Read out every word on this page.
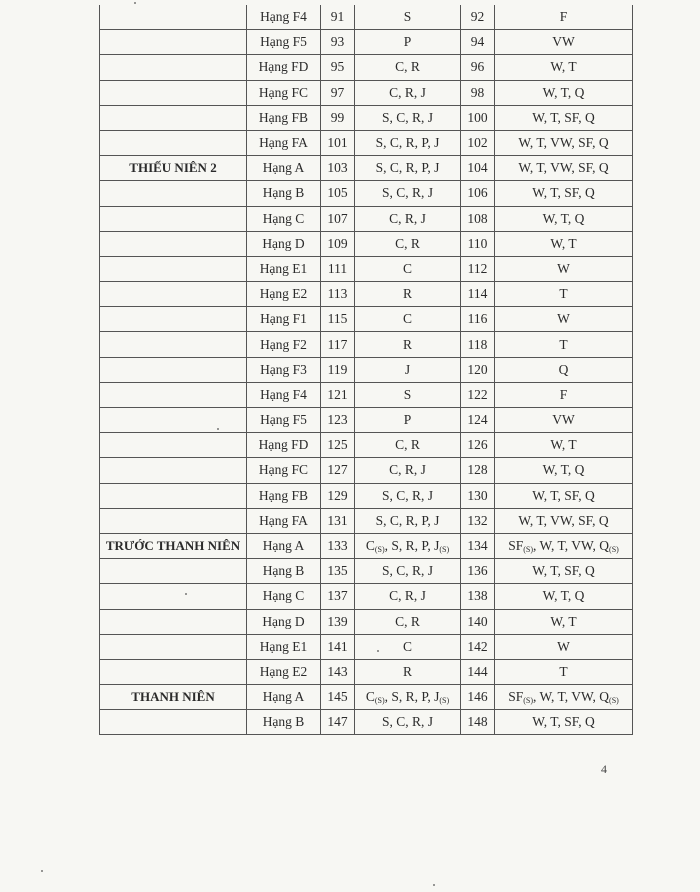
	Hạng F4	91	S	92	F
	Hạng F5	93	P	94	VW
	Hạng FD	95	C, R	96	W, T
	Hạng FC	97	C, R, J	98	W, T, Q
	Hạng FB	99	S, C, R, J	100	W, T, SF, Q
	Hạng FA	101	S, C, R, P, J	102	W, T, VW, SF, Q
THIẾU NIÊN 2	Hạng A	103	S, C, R, P, J	104	W, T, VW, SF, Q
	Hạng B	105	S, C, R, J	106	W, T, SF, Q
	Hạng C	107	C, R, J	108	W, T, Q
	Hạng D	109	C, R	110	W, T
	Hạng E1	111	C	112	W
	Hạng E2	113	R	114	T
	Hạng F1	115	C	116	W
	Hạng F2	117	R	118	T
	Hạng F3	119	J	120	Q
	Hạng F4	121	S	122	F
	Hạng F5	123	P	124	VW
	Hạng FD	125	C, R	126	W, T
	Hạng FC	127	C, R, J	128	W, T, Q
	Hạng FB	129	S, C, R, J	130	W, T, SF, Q
	Hạng FA	131	S, C, R, P, J	132	W, T, VW, SF, Q
TRƯỚC THANH NIÊN	Hạng A	133	$C_{(S)}$, S, R, P, $J_{(S)}$	134	$SF_{(S)}$, W, T, VW, $Q_{(S)}$
	Hạng B	135	S, C, R, J	136	W, T, SF, Q
	Hạng C	137	C, R, J	138	W, T, Q
	Hạng D	139	C, R	140	W, T
	Hạng E1	141	C	142	W
	Hạng E2	143	R	144	T
THANH NIÊN	Hạng A	145	$C_{(S)}$, S, R, P, $J_{(S)}$	146	$SF_{(S)}$, W, T, VW, $Q_{(S)}$
	Hạng B	147	S, C, R, J	148	W, T, SF, Q
4
